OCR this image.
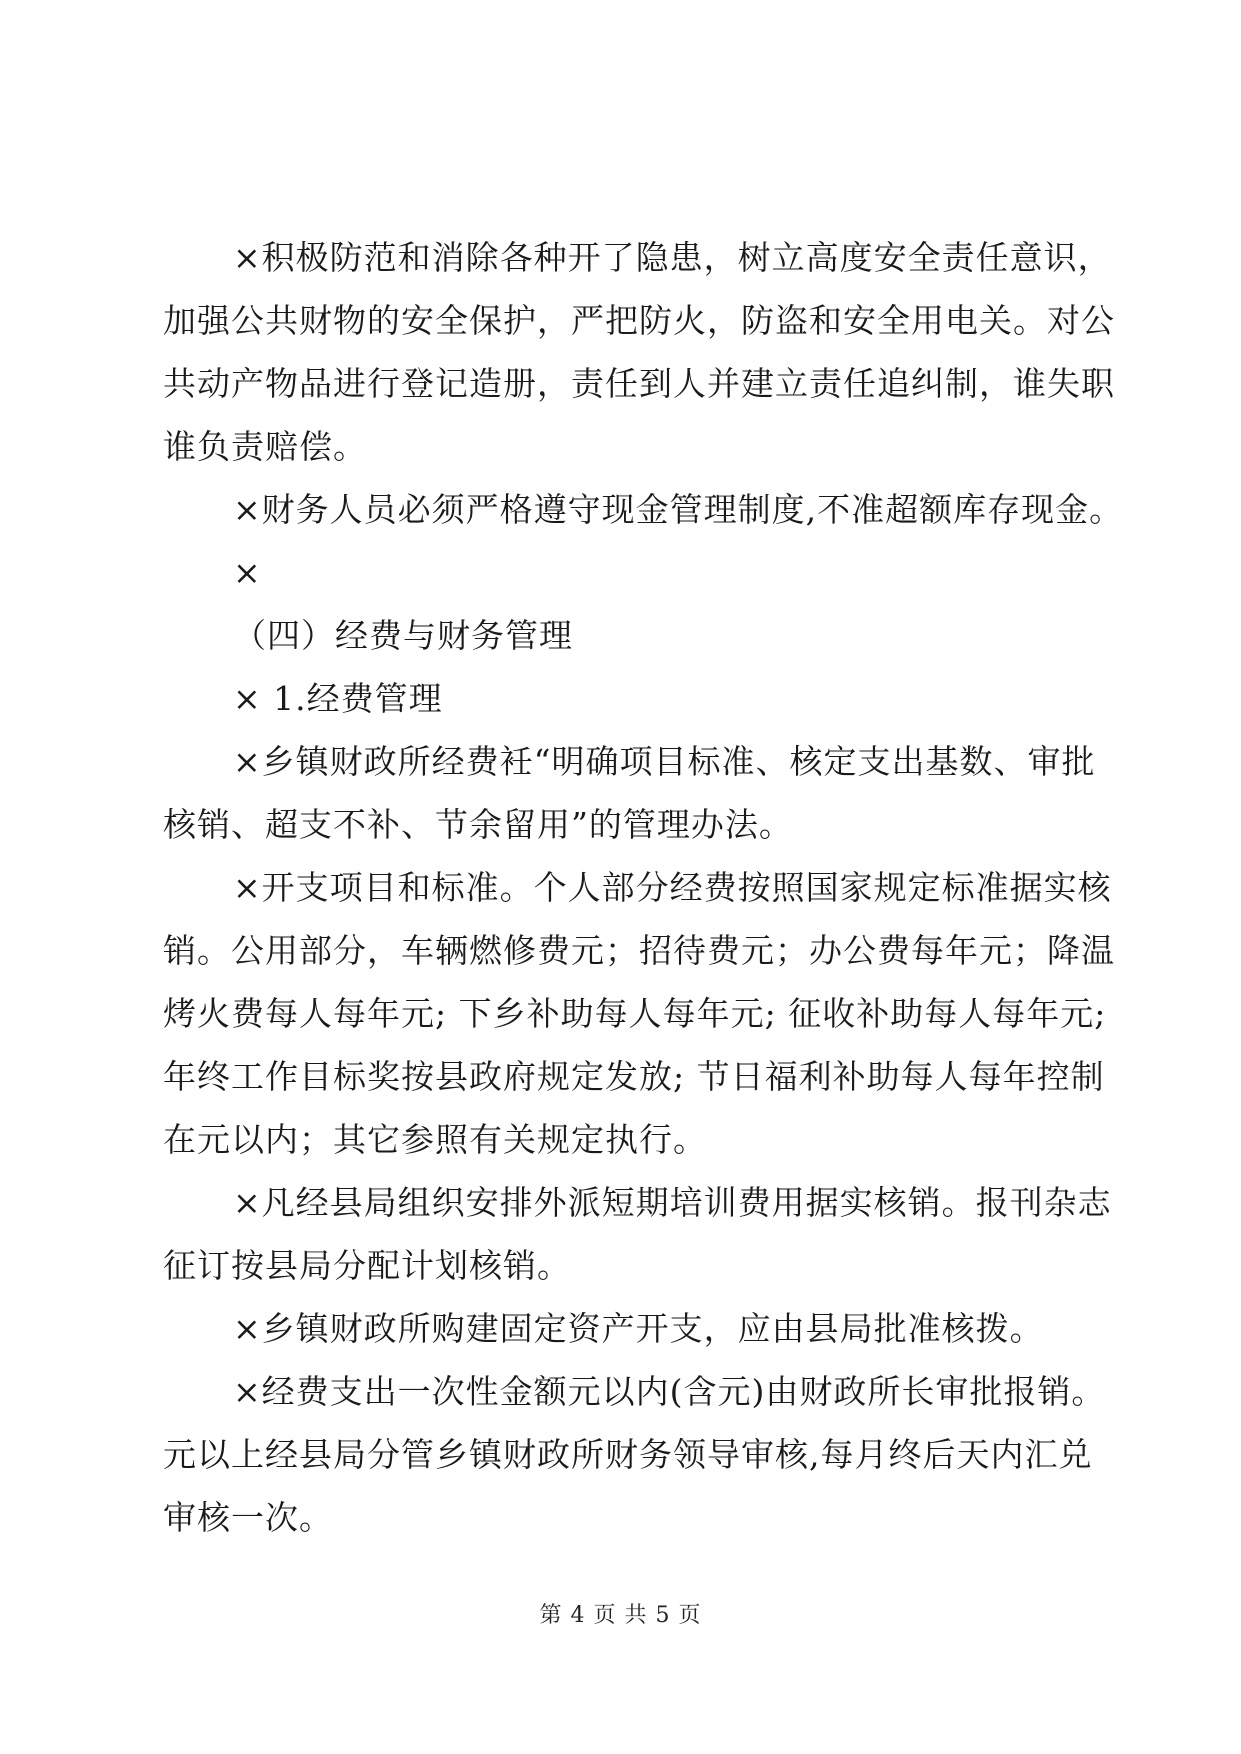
×积极防范和消除各种开了隐患，树立高度安全责任意识，
加强公共财物的安全保护，严把防火，防盗和安全用电关。对公
共动产物品进行登记造册，责任到人并建立责任追纠制，谁失职
谁负责赔偿。
×财务人员必须严格遵守现金管理制度,不准超额库存现金。
×
（四）经费与财务管理
× 1.经费管理
×乡镇财政所经费衽“明确项目标准、核定支出基数、审批
核销、超支不补、节余留用”的管理办法。
×开支项目和标准。个人部分经费按照国家规定标准据实核
销。公用部分，车辆燃修费元；招待费元；办公费每年元；降温
烤火费每人每年元; 下乡补助每人每年元; 征收补助每人每年元;
年终工作目标奖按县政府规定发放; 节日福利补助每人每年控制
在元以内；其它参照有关规定执行。
×凡经县局组织安排外派短期培训费用据实核销。报刊杂志
征订按县局分配计划核销。
×乡镇财政所购建固定资产开支，应由县局批准核拨。
×经费支出一次性金额元以内(含元)由财政所长审批报销。
元以上经县局分管乡镇财政所财务领导审核,每月终后天内汇兑
审核一次。
第 4 页 共 5 页
